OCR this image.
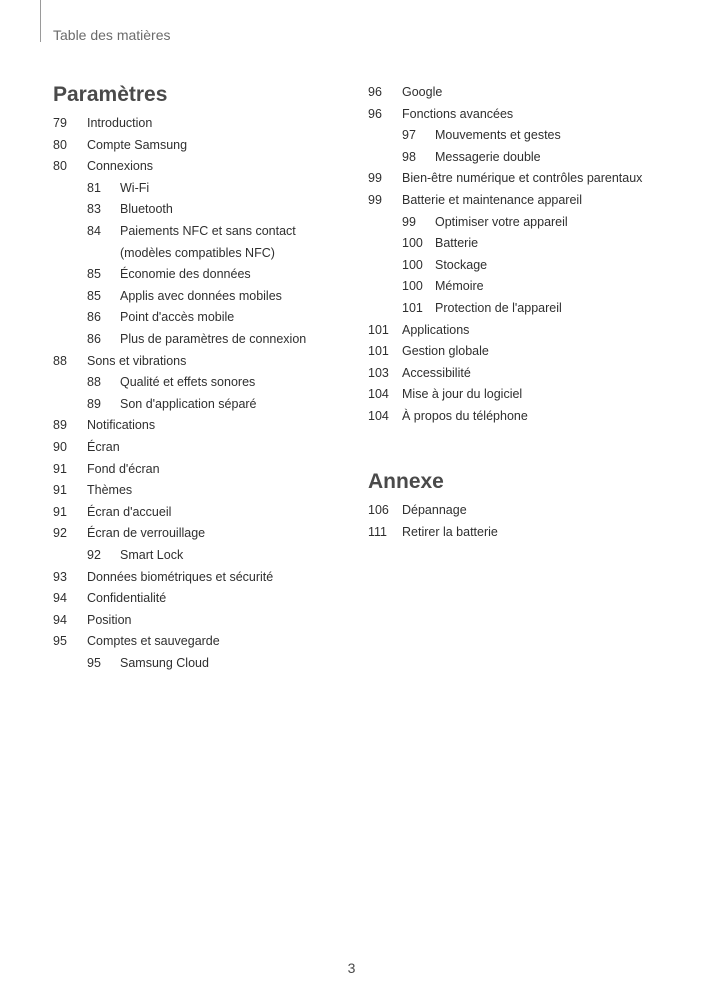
Table des matières
Paramètres
79	Introduction
80	Compte Samsung
80	Connexions
81	Wi-Fi
83	Bluetooth
84	Paiements NFC et sans contact
(modèles compatibles NFC)
85	Économie des données
85	Applis avec données mobiles
86	Point d'accès mobile
86	Plus de paramètres de connexion
88	Sons et vibrations
88	Qualité et effets sonores
89	Son d'application séparé
89	Notifications
90	Écran
91	Fond d'écran
91	Thèmes
91	Écran d'accueil
92	Écran de verrouillage
92	Smart Lock
93	Données biométriques et sécurité
94	Confidentialité
94	Position
95	Comptes et sauvegarde
95	Samsung Cloud
96	Google
96	Fonctions avancées
97	Mouvements et gestes
98	Messagerie double
99	Bien-être numérique et contrôles parentaux
99	Batterie et maintenance appareil
99	Optimiser votre appareil
100 Batterie
100 Stockage
100 Mémoire
101 Protection de l'appareil
101	Applications
101	Gestion globale
103	Accessibilité
104	Mise à jour du logiciel
104	À propos du téléphone
Annexe
106	Dépannage
111	Retirer la batterie
3
